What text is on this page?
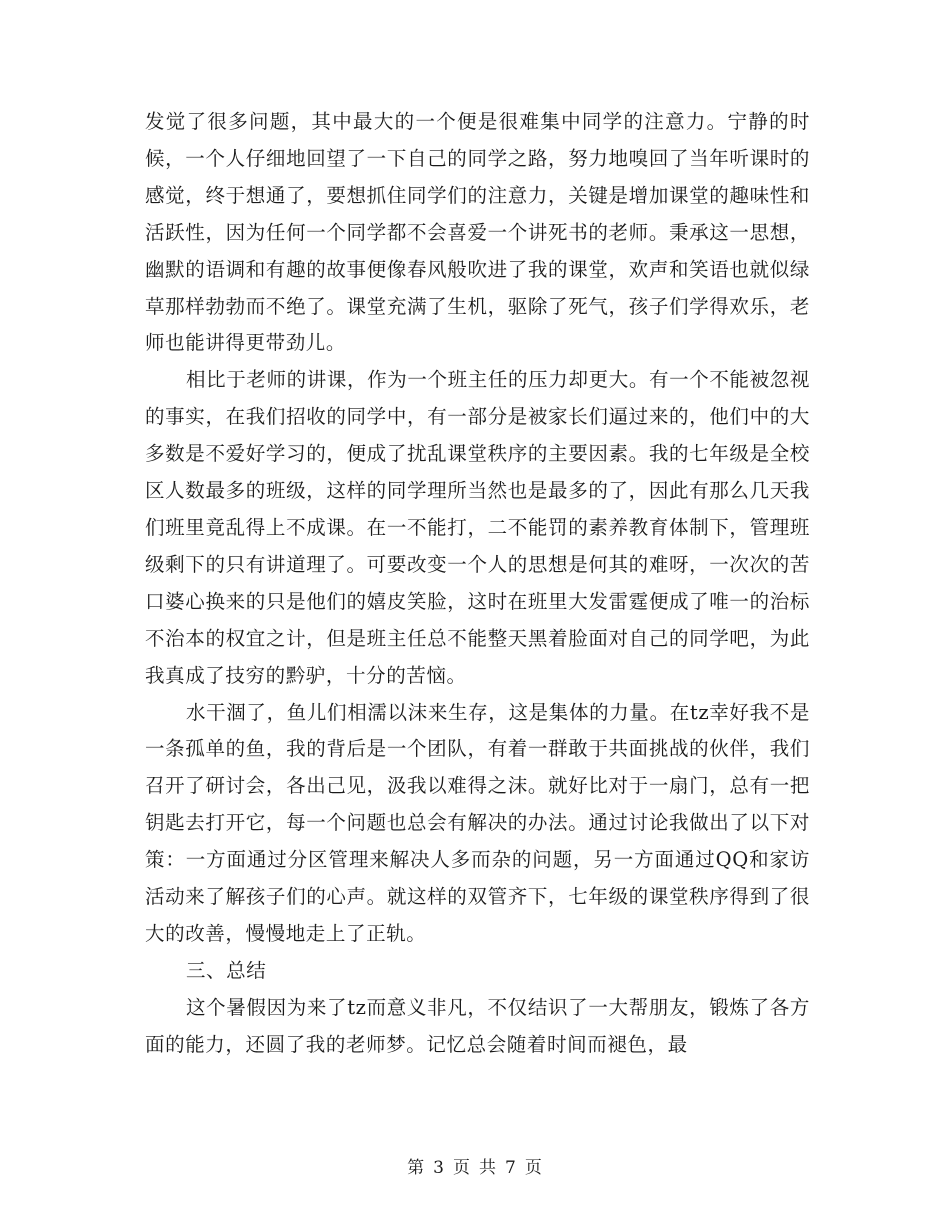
发觉了很多问题，其中最大的一个便是很难集中同学的注意力。宁静的时候，一个人仔细地回望了一下自己的同学之路，努力地嗅回了当年听课时的感觉，终于想通了，要想抓住同学们的注意力，关键是增加课堂的趣味性和活跃性，因为任何一个同学都不会喜爱一个讲死书的老师。秉承这一思想，幽默的语调和有趣的故事便像春风般吹进了我的课堂，欢声和笑语也就似绿草那样勃勃而不绝了。课堂充满了生机，驱除了死气，孩子们学得欢乐，老师也能讲得更带劲儿。

相比于老师的讲课，作为一个班主任的压力却更大。有一个不能被忽视的事实，在我们招收的同学中，有一部分是被家长们逼过来的，他们中的大多数是不爱好学习的，便成了扰乱课堂秩序的主要因素。我的七年级是全校区人数最多的班级，这样的同学理所当然也是最多的了，因此有那么几天我们班里竟乱得上不成课。在一不能打，二不能罚的素养教育体制下，管理班级剩下的只有讲道理了。可要改变一个人的思想是何其的难呀，一次次的苦口婆心换来的只是他们的嬉皮笑脸，这时在班里大发雷霆便成了唯一的治标不治本的权宜之计，但是班主任总不能整天黑着脸面对自己的同学吧，为此我真成了技穷的黔驴，十分的苦恼。

水干涸了，鱼儿们相濡以沫来生存，这是集体的力量。在tz幸好我不是一条孤单的鱼，我的背后是一个团队，有着一群敢于共面挑战的伙伴，我们召开了研讨会，各出己见，汲我以难得之沫。就好比对于一扇门，总有一把钥匙去打开它，每一个问题也总会有解决的办法。通过讨论我做出了以下对策：一方面通过分区管理来解决人多而杂的问题，另一方面通过QQ和家访活动来了解孩子们的心声。就这样的双管齐下，七年级的课堂秩序得到了很大的改善，慢慢地走上了正轨。

三、总结

这个暑假因为来了tz而意义非凡，不仅结识了一大帮朋友，锻炼了各方面的能力，还圆了我的老师梦。记忆总会随着时间而褪色，最

第 3 页 共 7 页
